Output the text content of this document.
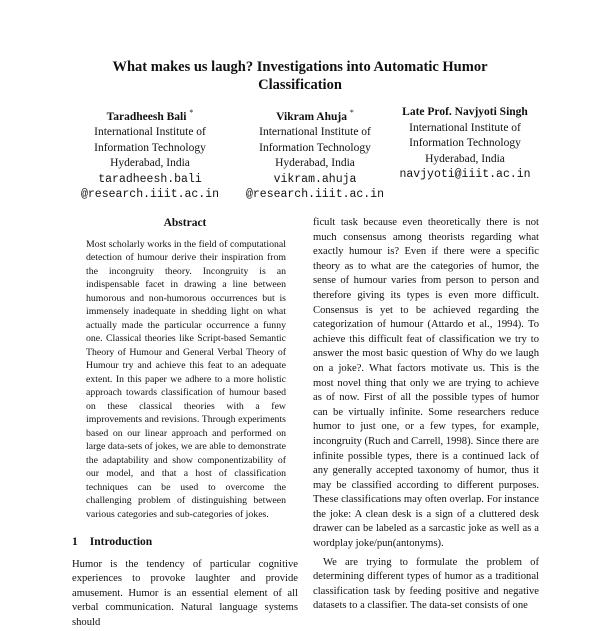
What makes us laugh? Investigations into Automatic Humor Classification
Taradheesh Bali *
International Institute of
Information Technology
Hyderabad, India
taradheesh.bali
@research.iiit.ac.in
Vikram Ahuja *
International Institute of
Information Technology
Hyderabad, India
vikram.ahuja
@research.iiit.ac.in
Late Prof. Navjyoti Singh
International Institute of
Information Technology
Hyderabad, India
navjyoti@iiit.ac.in
Abstract
Most scholarly works in the field of computational detection of humour derive their inspiration from the incongruity theory. Incongruity is an indispensable facet in drawing a line between humorous and non-humorous occurrences but is immensely inadequate in shedding light on what actually made the particular occurrence a funny one. Classical theories like Script-based Semantic Theory of Humour and General Verbal Theory of Humour try and achieve this feat to an adequate extent. In this paper we adhere to a more holistic approach towards classification of humour based on these classical theories with a few improvements and revisions. Through experiments based on our linear approach and performed on large data-sets of jokes, we are able to demonstrate the adaptability and show componentizability of our model, and that a host of classification techniques can be used to overcome the challenging problem of distinguishing between various categories and sub-categories of jokes.
1 Introduction

Humor is the tendency of particular cognitive experiences to provoke laughter and provide amusement. Humor is an essential element of all verbal communication. Natural language systems should

ficult task because even theoretically there is not much consensus among theorists regarding what exactly humour is? Even if there were a specific theory as to what are the categories of humor, the sense of humour varies from person to person and therefore giving its types is even more difficult. Consensus is yet to be achieved regarding the categorization of humour (Attardo et al., 1994). To achieve this difficult feat of classification we try to answer the most basic question of Why do we laugh on a joke?. What factors motivate us. This is the most novel thing that only we are trying to achieve as of now. First of all the possible types of humor can be virtually infinite. Some researchers reduce humor to just one, or a few types, for example, incongruity (Ruch and Carrell, 1998). Since there are infinite possible types, there is a continued lack of any generally accepted taxonomy of humor, thus it may be classified according to different purposes. These classifications may often overlap. For instance the joke: A clean desk is a sign of a cluttered desk drawer can be labeled as a sarcastic joke as well as a wordplay joke/pun(antonyms).

We are trying to formulate the problem of determining different types of humor as a traditional classification task by feeding positive and negative datasets to a classifier. The data-set consists of one
